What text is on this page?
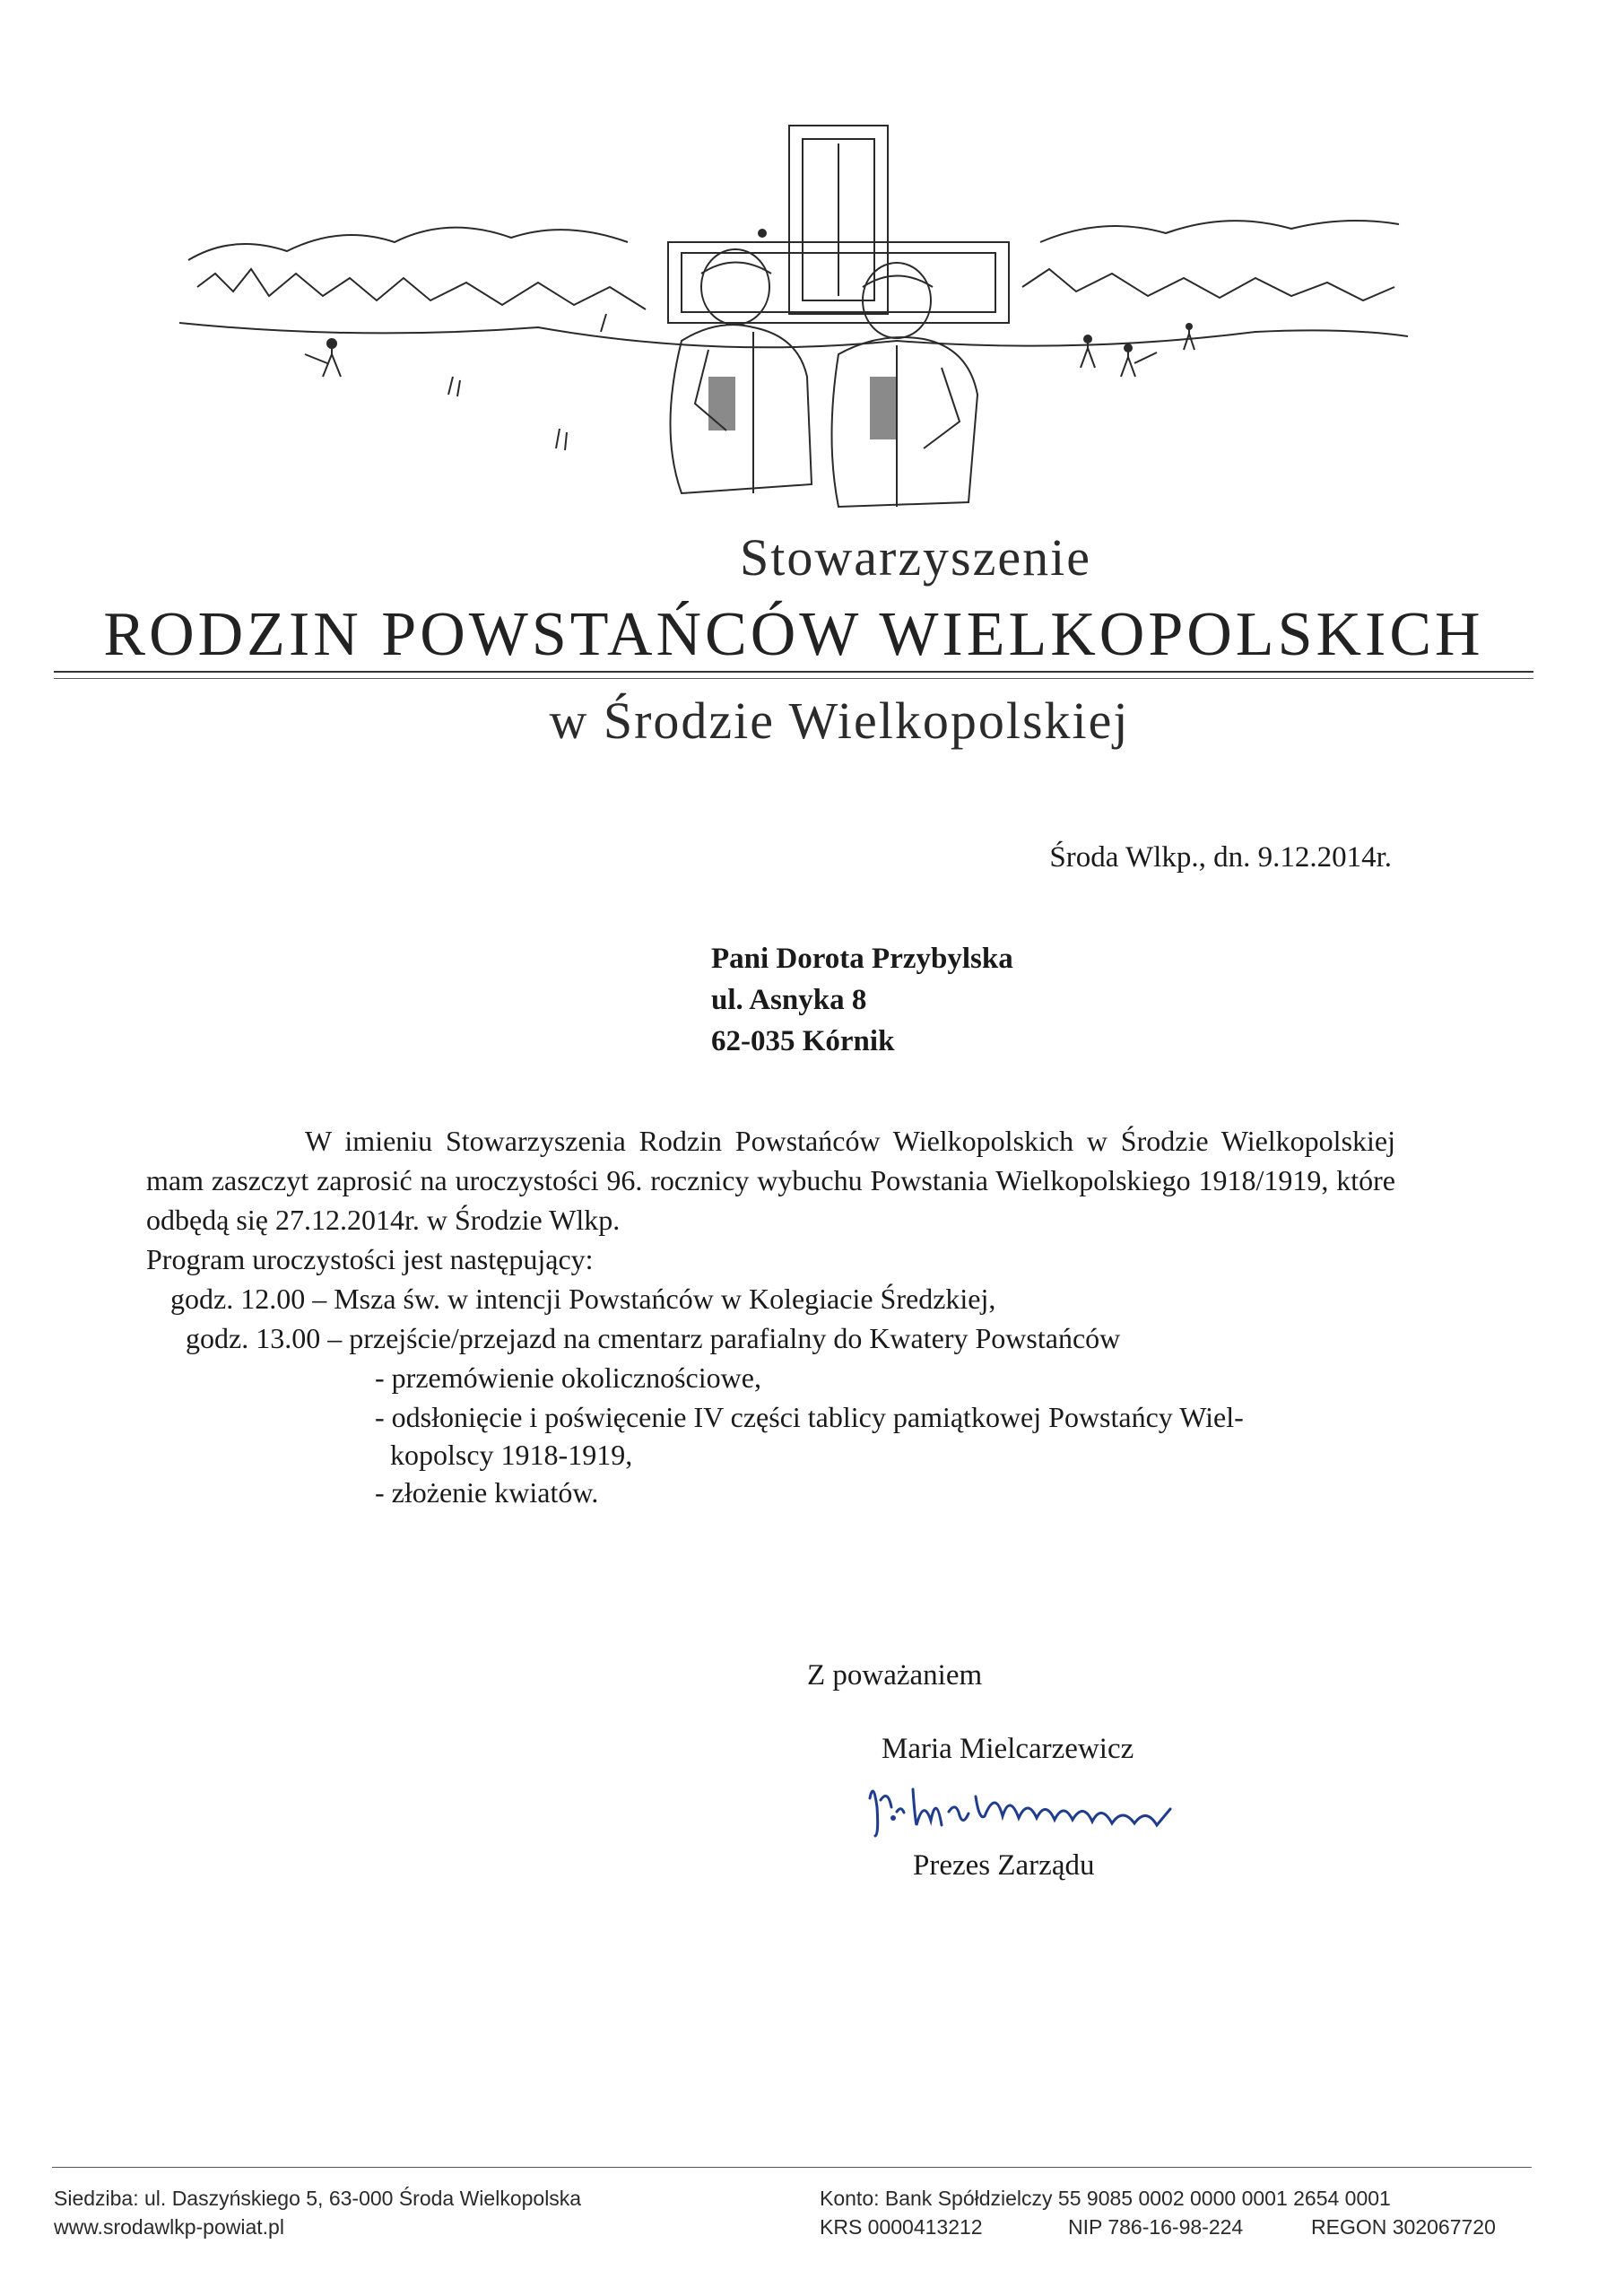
Stowarzyszenie
RODZIN POWSTAŃCÓW WIELKOPOLSKICH
w Środzie Wielkopolskiej
Środa Wlkp., dn. 9.12.2014r.
Pani Dorota Przybylska
ul. Asnyka 8
62-035 Kórnik

W imieniu Stowarzyszenia Rodzin Powstańców Wielkopolskich w Środzie Wielkopolskiej mam zaszczyt zaprosić na uroczystości 96. rocznicy wybuchu Powstania Wielkopolskiego 1918/1919, które odbędą się 27.12.2014r. w Środzie Wlkp.

Program uroczystości jest następujący:

godz. 12.00 – Msza św. w intencji Powstańców w Kolegiacie Średzkiej,
godz. 13.00 – przejście/przejazd na cmentarz parafialny do Kwatery Powstańców
- przemówienie okolicznościowe,
- odsłonięcie i poświęcenie IV części tablicy pamiątkowej Powstańcy Wiel-
kopolscy 1918-1919,
- złożenie kwiatów.
Z poważaniem
Maria Mielcarzewicz
Prezes Zarządu
Siedziba: ul. Daszyńskiego 5, 63-000 Środa Wielkopolska
www.srodawlkp-powiat.pl
Konto: Bank Spółdzielczy 55 9085 0002 0000 0001 2654 0001
KRS 0000413212	NIP 786-16-98-224	REGON 302067720
